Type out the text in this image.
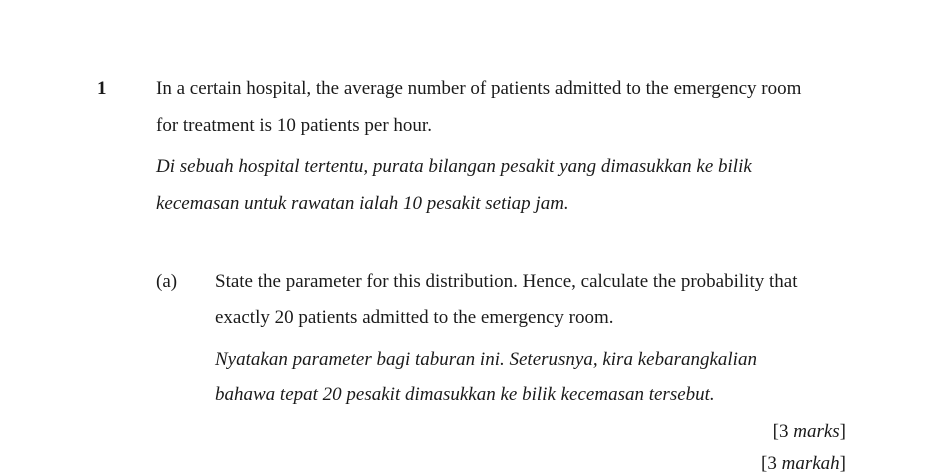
1	In a certain hospital, the average number of patients admitted to the emergency room
for treatment is 10 patients per hour.
Di sebuah hospital tertentu, purata bilangan pesakit yang dimasukkan ke bilik
kecemasan untuk rawatan ialah 10 pesakit setiap jam.
(a) State the parameter for this distribution. Hence, calculate the probability that
exactly 20 patients admitted to the emergency room.
Nyatakan parameter bagi taburan ini. Seterusnya, kira kebarangkalian
bahawa tepat 20 pesakit dimasukkan ke bilik kecemasan tersebut.
[3 marks]
[3 markah]
